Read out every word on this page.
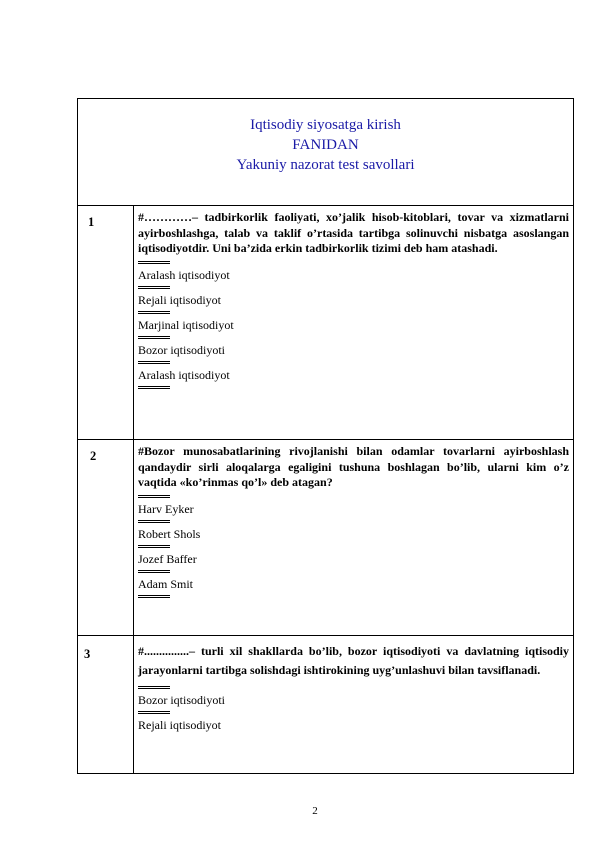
Iqtisodiy siyosatga kirish
FANIDAN
Yakuniy nazorat test savollari
1	#…………– tadbirkorlik faoliyati, xo’jalik hisob-kitoblari, tovar va xizmatlarni ayirboshlashga, talab va taklif o’rtasida tartibga solinuvchi nisbatga asoslangan iqtisodiyotdir. Uni ba’zida erkin tadbirkorlik tizimi deb ham atashadi.

Aralash iqtisodiyot

Rejali iqtisodiyot

Marjinal iqtisodiyot

Bozor iqtisodiyoti

Aralash iqtisodiyot

2	#Bozor munosabatlarining rivojlanishi bilan odamlar tovarlarni ayirboshlash qandaydir sirli aloqalarga egaligini tushuna boshlagan bo’lib, ularni kim o’z vaqtida «ko’rinmas qo’l» deb atagan?

Harv Eyker

Robert Shols

Jozef Baffer

Adam Smit

3	#...............– turli xil shakllarda bo’lib, bozor iqtisodiyoti va davlatning iqtisodiy jarayonlarni tartibga solishdagi ishtirokining uyg’unlashuvi bilan tavsiflanadi.

Bozor iqtisodiyoti

Rejali iqtisodiyot

2
